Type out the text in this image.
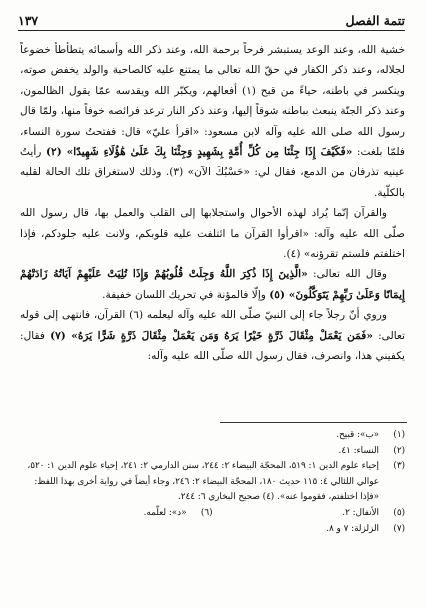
تتمة الفصل
١٣٧

خشية الله، وعند الوعد يستبشر فرحاً برحمة الله، وعند ذكر الله وأسمائه يتطأطأ خضوعاً لجلاله، وعند ذكر الكفار في حقّ الله تعالى ما يمتنع عليه كالصاحبة والولد يخفض صوته، وينكسر في باطنه، حياءً من قبح (١) أفعالهم، ويكبّر الله ويقدسه عمّا يقول الظالمون، وعند ذكر الجنّة ينبعث بباطنه شوقاً إليها، وعند ذكر النار ترعد فرائصه خوفاً منها، ولمّا قال رسول الله صلى الله عليه وآله لابن مسعود: «اقرأ عليّ» قال: ففتحتُ سورة النساء، فلمّا بلغت: «فَكَيْفَ إِذَا جِئْنَا مِن كُلِّ أُمَّةٍ بِشَهِيدٍ وَجِئْنَا بِكَ عَلَىٰ هَٰؤُلَاءِ شَهِيدًا» (٢) رأيتُ عينيه تذرفان من الدمع، فقال لي: «حَسْبُكَ الآن» (٣). وذلك لاستغراق تلك الحالة لقلبه بالكلّية.

والقرآن إنّما يُراد لهذه الأحوال واستجلابها إلى القلب والعمل بها، قال رسول الله صلّى الله عليه وآله: «اقرأوا القرآن ما ائتلفت عليه قلوبكم، ولانت عليه جلودكم، فإذا اختلفتم فلستم تقرؤنه» (٤).

وقال الله تعالى: «الَّذِينَ إِذَا ذُكِرَ اللَّهُ وَجِلَتْ قُلُوبُهُمْ وَإِذَا تُلِيَتْ عَلَيْهِمْ آيَاتُهُ زَادَتْهُمْ إِيمَانًا وَعَلَىٰ رَبِّهِمْ يَتَوَكَّلُونَ» (٥) وإلّا فالمؤنة في تحريك اللسان خفيفة.

وروي أنّ رجلاً جاء إلى النبيّ صلّى الله عليه وآله ليعلمه (٦) القرآن، فانتهى إلى قوله تعالى: «فَمَن يَعْمَلْ مِثْقَالَ ذَرَّةٍ خَيْرًا يَرَهُ وَمَن يَعْمَلْ مِثْقَالَ ذَرَّةٍ شَرًّا يَرَهُ» (٧) فقال: يكفيني هذا، وانصرف، فقال رسول الله صلّى الله عليه وآله:

(١)
«ب»: قبيح.
(٢)
النساء: ٤١.
(٣)
إحياء علوم الدين ١: ٥١٩، المحجّة البيضاء ٢: ٢٤٤، سنن الدارمي ٢: ٢٤١، إحياء علوم الدين ١: ٥٢٠، عوالي اللئالي ٤: ١١٥ حديث ١٨٠، المحجّة البيضاء ٢: ٢٤٦، وجاء أيضاً في رواية أخرى بهذا اللفظ: «فإذا اختلفتم، فقوموا عنه». (٤) صحيح البخاري ٦: ٢٤٤.
(٥)
الأنفال: ٢.
(٦)
«د»: لعلّمه.
(٧)
الزلزلة: ٧ و ٨.
